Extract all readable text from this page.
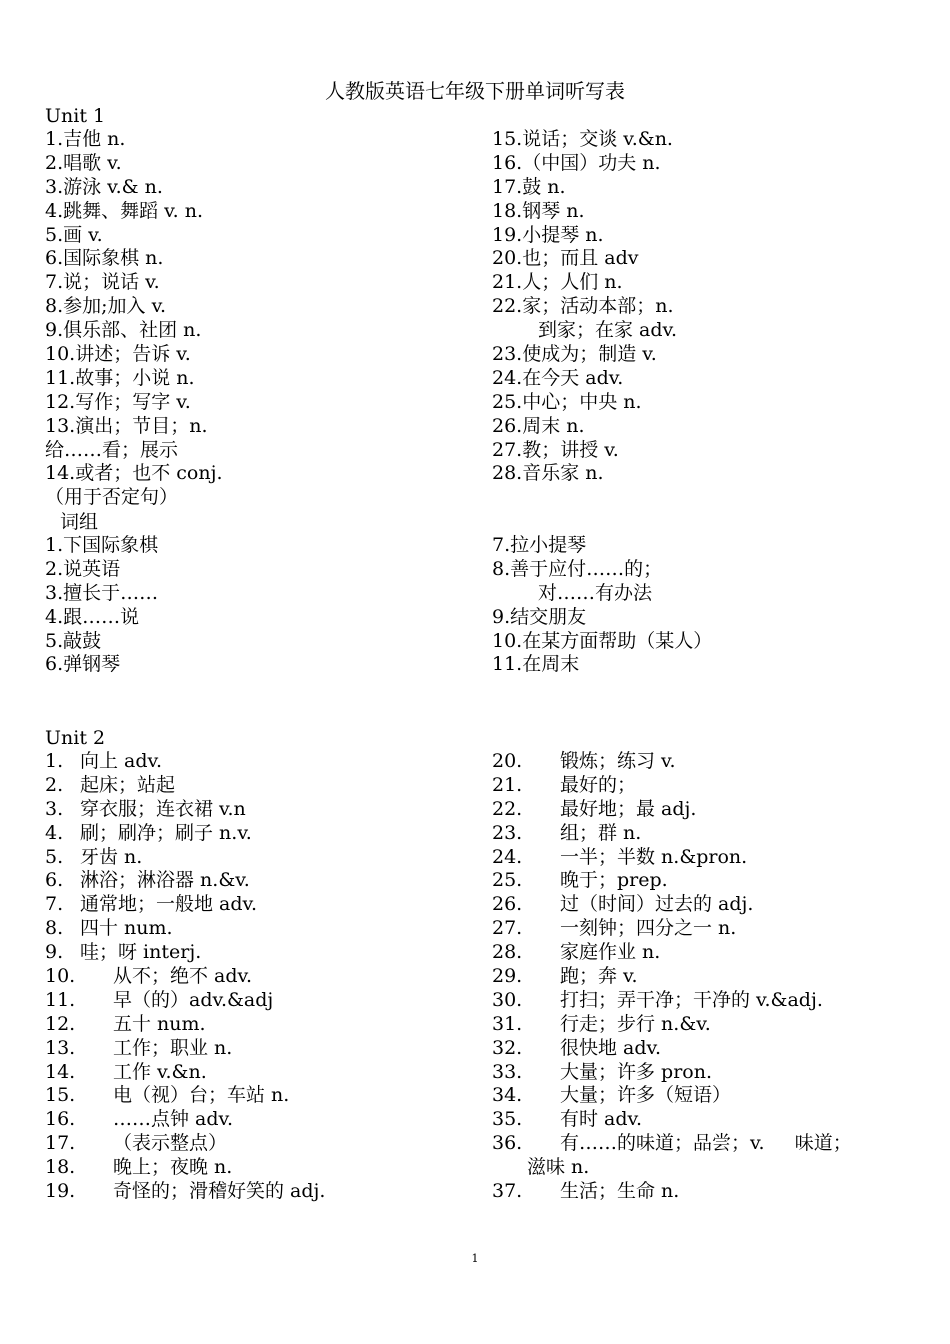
人教版英语七年级下册单词听写表
Unit 1
1.吉他 n.
2.唱歌 v.
3.游泳 v.& n.
4.跳舞、舞蹈 v. n.
5.画 v.
6.国际象棋 n.
7.说；说话 v.
8.参加;加入 v.
9.俱乐部、社团 n.
10.讲述；告诉 v.
11.故事；小说 n.
12.写作；写字 v.
13.演出；节目；n.
给……看；展示
14.或者；也不 conj.
（用于否定句）
15.说话；交谈 v.&n.
16.（中国）功夫 n.
17.鼓 n.
18.钢琴 n.
19.小提琴 n.
20.也；而且 adv
21.人；人们 n.
22.家；活动本部；n.
到家；在家 adv.
23.使成为；制造 v.
24.在今天 adv.
25.中心；中央 n.
26.周末 n.
27.教；讲授 v.
28.音乐家 n.
词组
1.下国际象棋
2.说英语
3.擅长于……
4.跟……说
5.敲鼓
6.弹钢琴
7.拉小提琴
8.善于应付……的；
对……有办法
9.结交朋友
10.在某方面帮助（某人）
11.在周末
Unit 2
1. 向上 adv.
2. 起床；站起
3. 穿衣服；连衣裙 v.n
4. 刷；刷净；刷子 n.v.
5. 牙齿 n.
6. 淋浴；淋浴器 n.&v.
7. 通常地；一般地 adv.
8. 四十 num.
9. 哇；呀 interj.
10. 从不；绝不 adv.
11. 早（的）adv.&adj
12. 五十 num.
13. 工作；职业 n.
14. 工作 v.&n.
15. 电（视）台；车站 n.
16. ……点钟 adv.
17. （表示整点）
18. 晚上；夜晚 n.
19. 奇怪的；滑稽好笑的 adj.
20. 锻炼；练习 v.
21. 最好的；
22. 最好地；最 adj.
23. 组；群 n.
24. 一半；半数 n.&pron.
25. 晚于；prep.
26. 过（时间）过去的 adj.
27. 一刻钟；四分之一 n.
28. 家庭作业 n.
29. 跑；奔 v.
30. 打扫；弄干净；干净的 v.&adj.
31. 行走；步行 n.&v.
32. 很快地 adv.
33. 大量；许多 pron.
34. 大量；许多（短语）
35. 有时 adv.
36. 有……的味道；品尝；v.     味道；
滋味 n.
37. 生活；生命 n.
1
